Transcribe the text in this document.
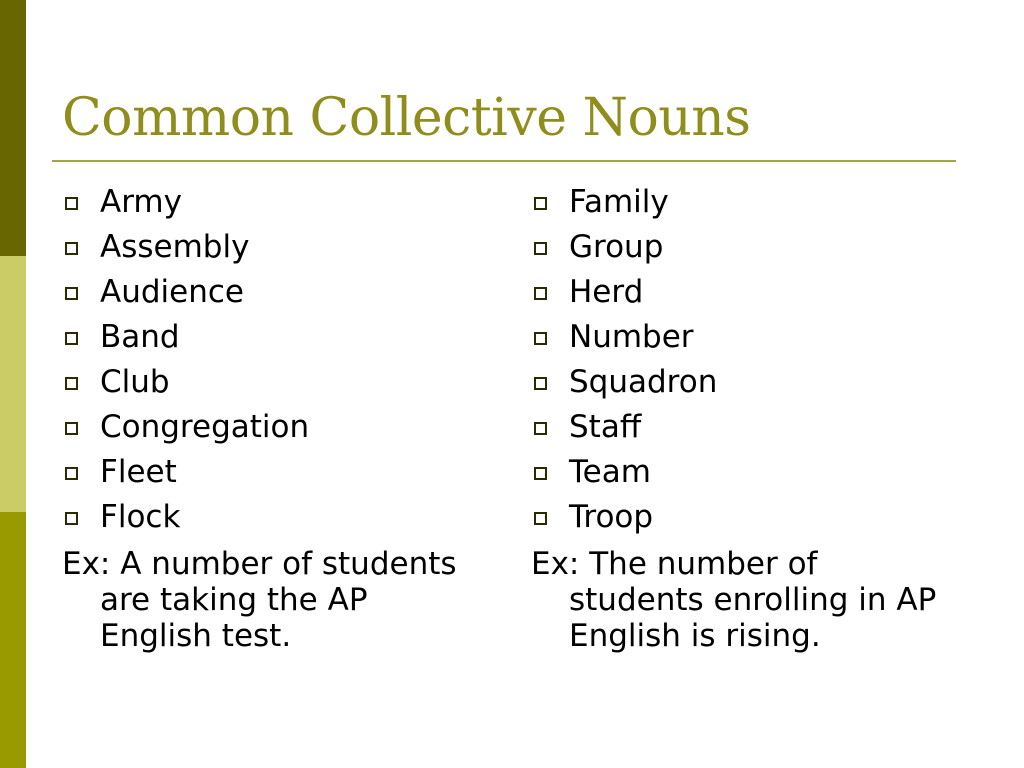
Common Collective Nouns
Army
Assembly
Audience
Band
Club
Congregation
Fleet
Flock

Ex: A number of students are taking the AP English test.

Family
Group
Herd
Number
Squadron
Staff
Team
Troop

Ex: The number of students enrolling in AP English is rising.
